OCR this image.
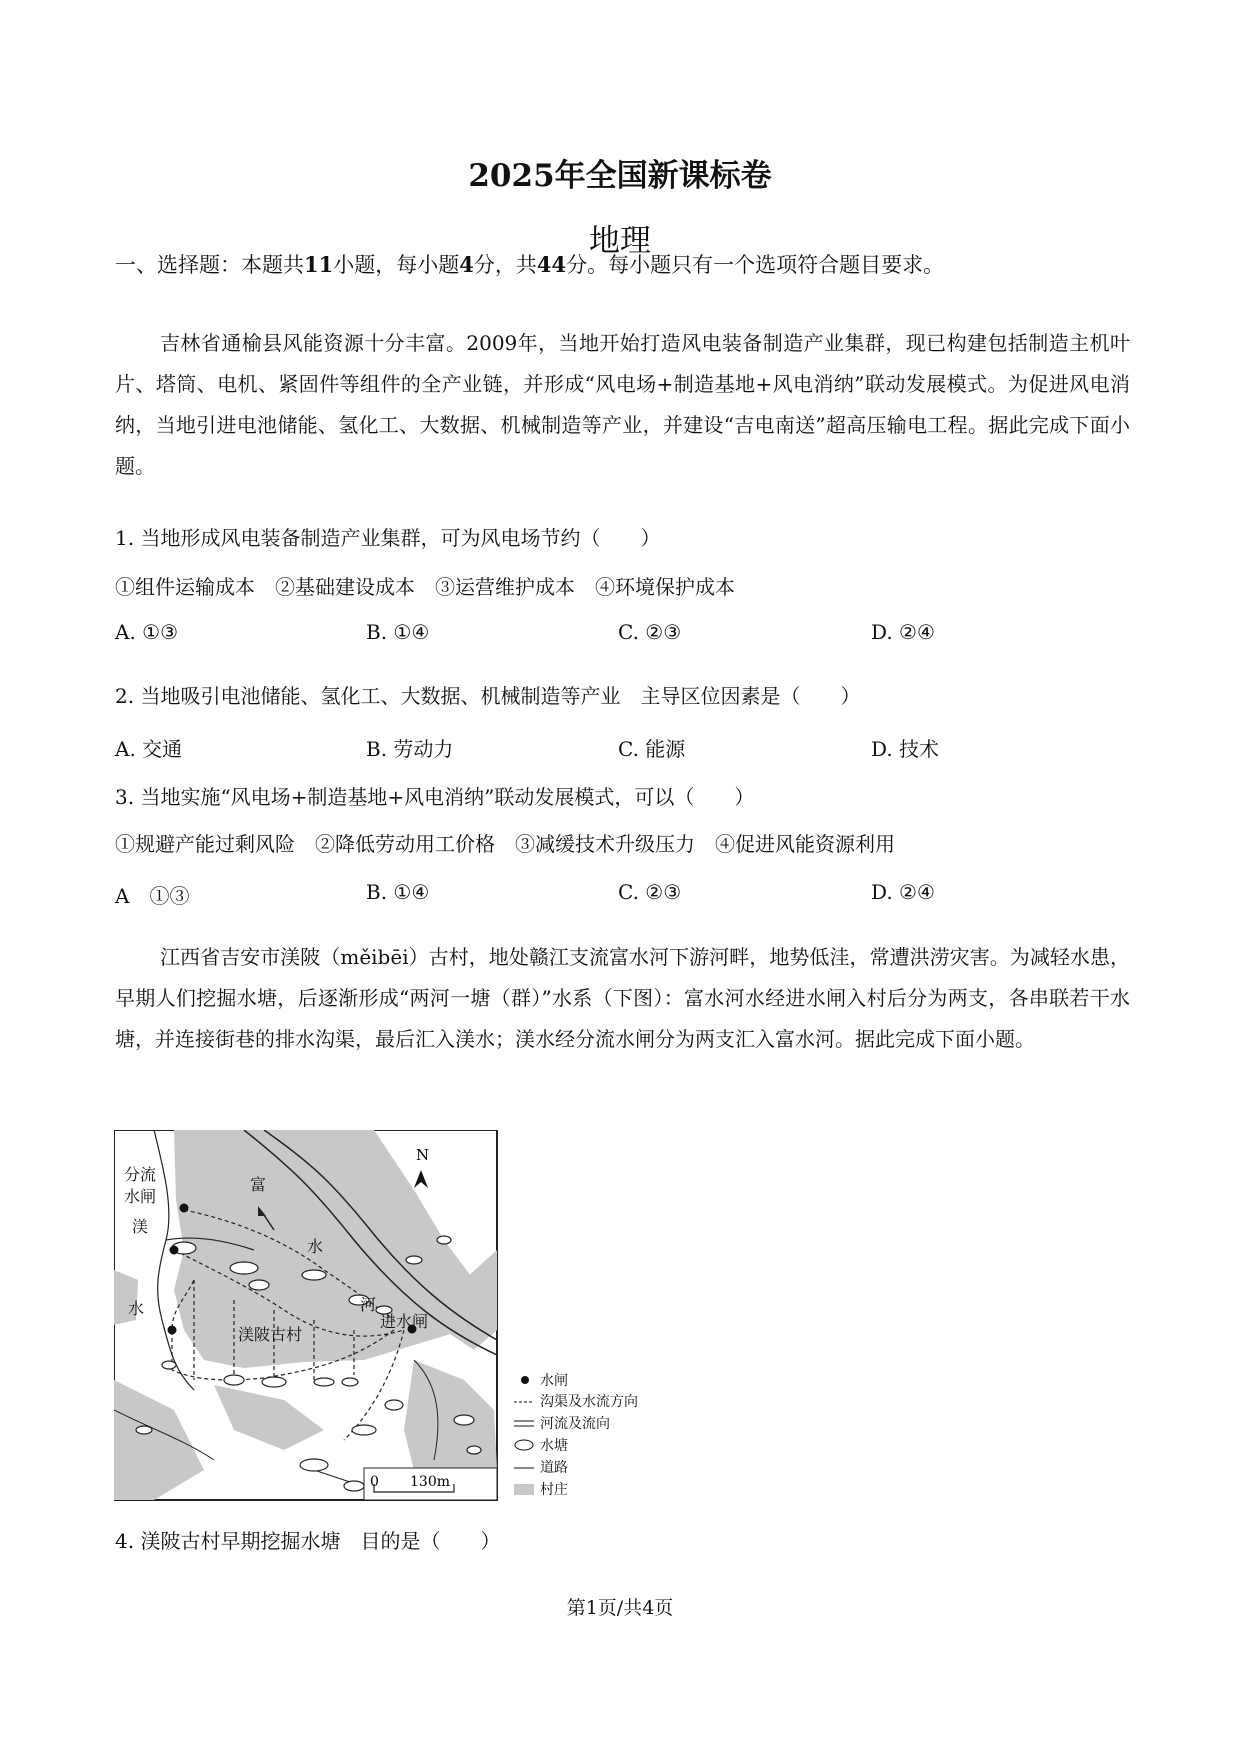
2025年全国新课标卷
地理
一、选择题：本题共11小题，每小题4分，共44分。每小题只有一个选项符合题目要求。
吉林省通榆县风能资源十分丰富。2009年，当地开始打造风电装备制造产业集群，现已构建包括制造主机叶片、塔筒、电机、紧固件等组件的全产业链，并形成“风电场+制造基地+风电消纳”联动发展模式。为促进风电消纳，当地引进电池储能、氢化工、大数据、机械制造等产业，并建设“吉电南送”超高压输电工程。据此完成下面小题。
1. 当地形成风电装备制造产业集群，可为风电场节约（　　）
①组件运输成本　②基础建设成本　③运营维护成本　④环境保护成本
A. ①③	B. ①④	C. ②③	D. ②④
2. 当地吸引电池储能、氢化工、大数据、机械制造等产业　主导区位因素是（　　）
A. 交通	B. 劳动力	C. 能源	D. 技术
3. 当地实施“风电场+制造基地+风电消纳”联动发展模式，可以（　　）
①规避产能过剩风险　②降低劳动用工价格　③减缓技术升级压力　④促进风能资源利用
A　①③	B. ①④	C. ②③	D. ②④
江西省吉安市渼陂（měibēi）古村，地处赣江支流富水河下游河畔，地势低洼，常遭洪涝灾害。为减轻水患，早期人们挖掘水塘，后逐渐形成“两河一塘（群）”水系（下图）：富水河水经进水闸入村后分为两支，各串联若干水塘，并连接街巷的排水沟渠，最后汇入渼水；渼水经分流水闸分为两支汇入富水河。据此完成下面小题。
0 130m
N
分流
水闸
渼
水
富
水
河
进水闸
渼陂古村
水闸
沟渠及水流方向
河流及流向
水塘
道路
村庄
4. 渼陂古村早期挖掘水塘　目的是（　　）
第1页/共4页
